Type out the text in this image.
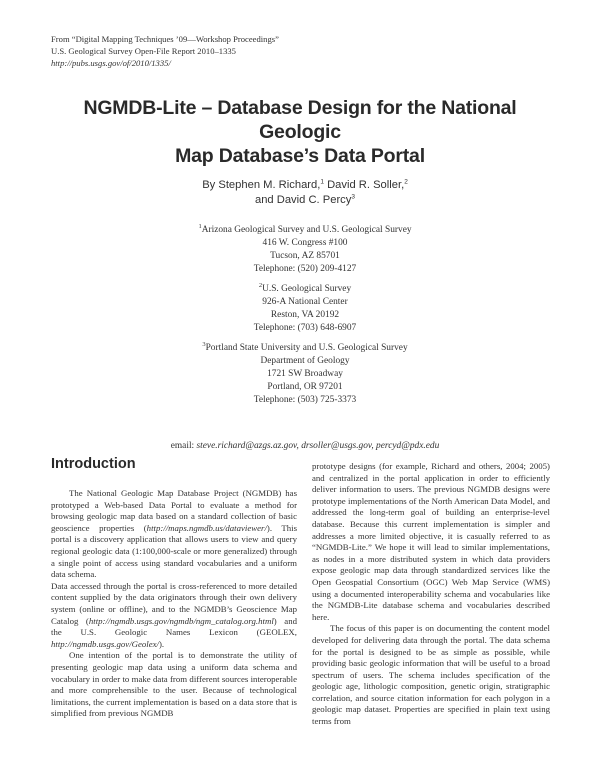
From “Digital Mapping Techniques ’09—Workshop Proceedings”
U.S. Geological Survey Open-File Report 2010–1335
http://pubs.usgs.gov/of/2010/1335/
NGMDB-Lite – Database Design for the National Geologic
Map Database’s Data Portal
By Stephen M. Richard,$^1$ David R. Soller,$^2$
and David C. Percy$^3$
$^1$Arizona Geological Survey and U.S. Geological Survey
416 W. Congress #100
Tucson, AZ 85701
Telephone: (520) 209-4127
$^2$U.S. Geological Survey
926-A National Center
Reston, VA 20192
Telephone: (703) 648-6907
$^3$Portland State University and U.S. Geological Survey
Department of Geology
1721 SW Broadway
Portland, OR 97201
Telephone: (503) 725-3373
email: steve.richard@azgs.az.gov, drsoller@usgs.gov, percyd@pdx.edu
Introduction

The National Geologic Map Database Project (NGMDB) has prototyped a Web-based Data Portal to evaluate a method for browsing geologic map data based on a standard collection of basic geoscience properties (http://maps.ngmdb.us/dataviewer/). This portal is a discovery application that allows users to view and query regional geologic data (1:100,000-scale or more generalized) through a single point of access using standard vocabularies and a uniform data schema.

Data accessed through the portal is cross-referenced to more detailed content supplied by the data originators through their own delivery system (online or offline), and to the NGMDB’s Geoscience Map Catalog (http://ngmdb.usgs.gov/ngmdb/ngm_catalog.org.html) and the U.S. Geologic Names Lexicon (GEOLEX, http://ngmdb.usgs.gov/Geolex/).

One intention of the portal is to demonstrate the utility of presenting geologic map data using a uniform data schema and vocabulary in order to make data from different sources interoperable and more comprehensible to the user. Because of technological limitations, the current implementation is based on a data store that is simplified from previous NGMDB

prototype designs (for example, Richard and others, 2004; 2005) and centralized in the portal application in order to efficiently deliver information to users. The previous NGMDB designs were prototype implementations of the North American Data Model, and addressed the long-term goal of building an enterprise-level database. Because this current implementation is simpler and addresses a more limited objective, it is casually referred to as “NGMDB-Lite.” We hope it will lead to similar implementations, as nodes in a more distributed system in which data providers expose geologic map data through standardized services like the Open Geospatial Consortium (OGC) Web Map Service (WMS) using a documented interoperability schema and vocabularies like the NGMDB-Lite database schema and vocabularies described here.

The focus of this paper is on documenting the content model developed for delivering data through the portal. The data schema for the portal is designed to be as simple as possible, while providing basic geologic information that will be useful to a broad spectrum of users. The schema includes specification of the geologic age, lithologic composition, genetic origin, stratigraphic correlation, and source citation information for each polygon in a geologic map dataset. Properties are specified in plain text using terms from
